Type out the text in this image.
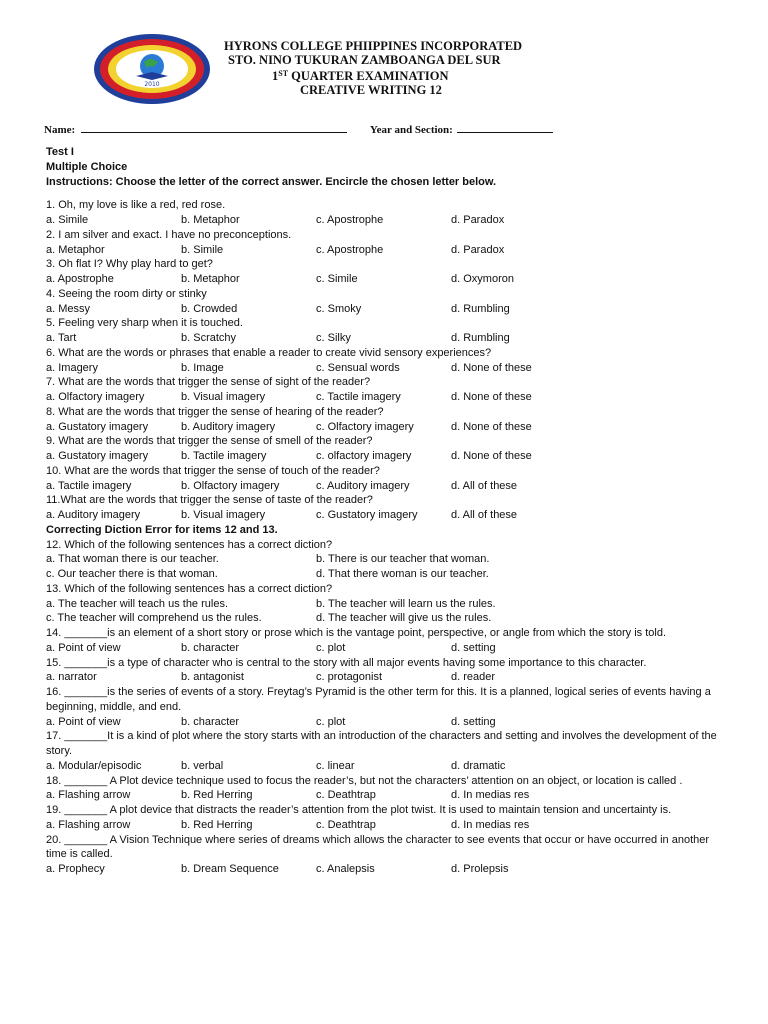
2010
HYRONS COLLEGE PHIIPPINES INCORPORATED
STO. NINO TUKURAN ZAMBOANGA DEL SUR
1ST QUARTER EXAMINATION
CREATIVE WRITING 12
Name:	Year and Section:
Test I
Multiple Choice
Instructions: Choose the letter of the correct answer. Encircle the chosen letter below.
1. Oh, my love is like a red, red rose.
a. Simile	b. Metaphor	c. Apostrophe	d. Paradox
2. I am silver and exact. I have no preconceptions.
a. Metaphor	b. Simile	c. Apostrophe	d. Paradox
3. Oh flat I? Why play hard to get?
a. Apostrophe	b. Metaphor	c. Simile	d. Oxymoron
4. Seeing the room dirty or stinky
a. Messy	b. Crowded	c. Smoky	d. Rumbling
5. Feeling very sharp when it is touched.
a. Tart	b. Scratchy	c. Silky	d. Rumbling
6. What are the words or phrases that enable a reader to create vivid sensory experiences?
a. Imagery	b. Image	c. Sensual words	d. None of these
7. What are the words that trigger the sense of sight of the reader?
a. Olfactory imagery	b. Visual imagery	c. Tactile imagery	d. None of these
8. What are the words that trigger the sense of hearing of the reader?
a. Gustatory imagery	b. Auditory imagery	c. Olfactory imagery	d. None of these
9. What are the words that trigger the sense of smell of the reader?
a. Gustatory imagery	b. Tactile imagery	c. olfactory imagery	d. None of these
10. What are the words that trigger the sense of touch of the reader?
a. Tactile imagery	b. Olfactory imagery	c. Auditory imagery	d. All of these
11.What are the words that trigger the sense of taste of the reader?
a. Auditory imagery	b. Visual imagery	c. Gustatory imagery	d. All of these
Correcting Diction Error for items 12 and 13.
12. Which of the following sentences has a correct diction?
a. That woman there is our teacher.	b. There is our teacher that woman.
c. Our teacher there is that woman.	d. That there woman is our teacher.
13. Which of the following sentences has a correct diction?
a. The teacher will teach us the rules.	b. The teacher will learn us the rules.
c. The teacher will comprehend us the rules.	d. The teacher will give us the rules.
14. _______is an element of a short story or prose which is the vantage point, perspective, or angle from which the story is told.
a. Point of view	b. character	c. plot	d. setting
15. _______is a type of character who is central to the story with all major events having some importance to this character.
a. narrator	b. antagonist	c. protagonist	d. reader
16. _______is the series of events of a story. Freytag’s Pyramid is the other term for this. It is a planned, logical series of events having a beginning, middle, and end.
a. Point of view	b. character	c. plot	d. setting
17. _______It is a kind of plot where the story starts with an introduction of the characters and setting and involves the development of the story.
a. Modular/episodic	b. verbal	c. linear	d. dramatic
18. _______ A Plot device technique used to focus the reader’s, but not the characters’ attention on an object, or location is called .
a. Flashing arrow	b. Red Herring	c. Deathtrap	d. In medias res
19. _______ A plot device that distracts the reader’s attention from the plot twist. It is used to maintain tension and uncertainty is.
a. Flashing arrow	b. Red Herring	c. Deathtrap	d. In medias res
20. _______ A Vision Technique where series of dreams which allows the character to see events that occur or have occurred in another time is called.
a. Prophecy	b. Dream Sequence	c. Analepsis	d. Prolepsis
